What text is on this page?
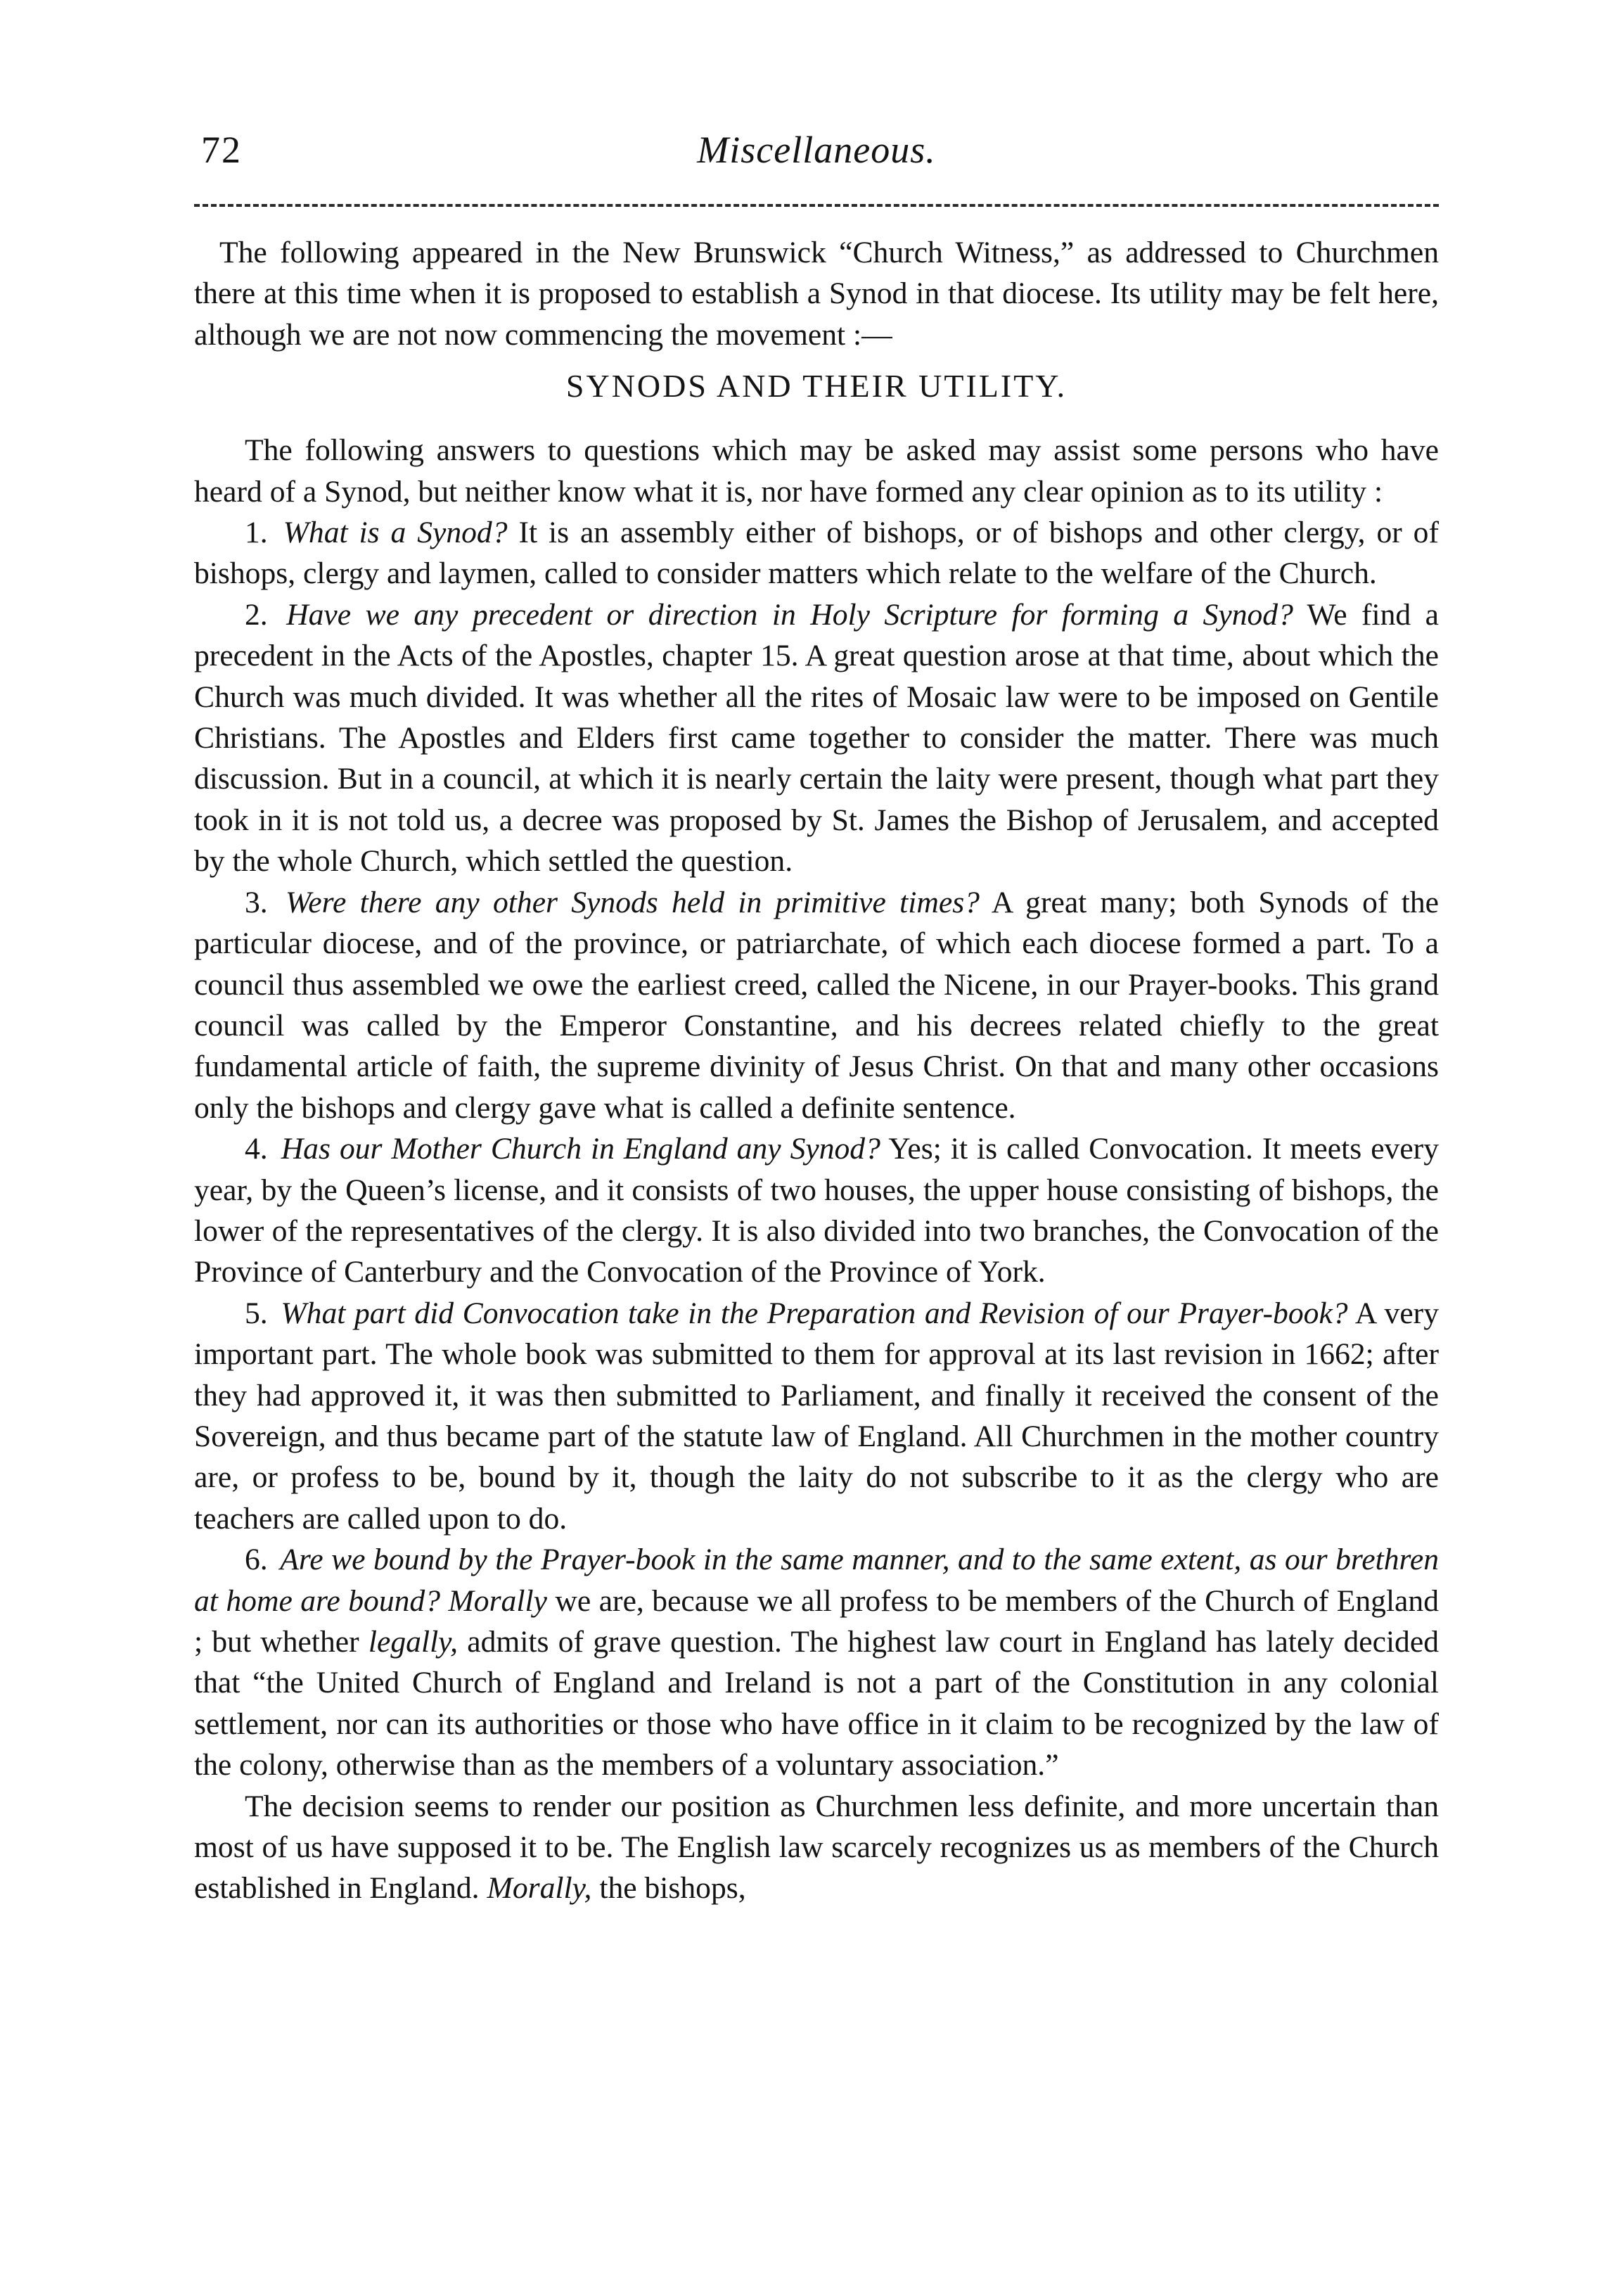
72	Miscellaneous.

The following appeared in the New Brunswick “Church Witness,” as addressed to Churchmen there at this time when it is proposed to establish a Synod in that diocese. Its utility may be felt here, although we are not now commencing the movement :—

SYNODS AND THEIR UTILITY.

The following answers to questions which may be asked may assist some persons who have heard of a Synod, but neither know what it is, nor have formed any clear opinion as to its utility :

1. What is a Synod? It is an assembly either of bishops, or of bishops and other clergy, or of bishops, clergy and laymen, called to consider matters which relate to the welfare of the Church.

2. Have we any precedent or direction in Holy Scripture for forming a Synod? We find a precedent in the Acts of the Apostles, chapter 15. A great question arose at that time, about which the Church was much divided. It was whether all the rites of Mosaic law were to be imposed on Gentile Christians. The Apostles and Elders first came together to consider the matter. There was much discussion. But in a council, at which it is nearly certain the laity were present, though what part they took in it is not told us, a decree was proposed by St. James the Bishop of Jerusalem, and accepted by the whole Church, which settled the question.

3. Were there any other Synods held in primitive times? A great many; both Synods of the particular diocese, and of the province, or patriarchate, of which each diocese formed a part. To a council thus assembled we owe the earliest creed, called the Nicene, in our Prayer-books. This grand council was called by the Emperor Constantine, and his decrees related chiefly to the great fundamental article of faith, the supreme divinity of Jesus Christ. On that and many other occasions only the bishops and clergy gave what is called a definite sentence.

4. Has our Mother Church in England any Synod? Yes; it is called Convocation. It meets every year, by the Queen’s license, and it consists of two houses, the upper house consisting of bishops, the lower of the representatives of the clergy. It is also divided into two branches, the Convocation of the Province of Canterbury and the Convocation of the Province of York.

5. What part did Convocation take in the Preparation and Revision of our Prayer-book? A very important part. The whole book was submitted to them for approval at its last revision in 1662; after they had approved it, it was then submitted to Parliament, and finally it received the consent of the Sovereign, and thus became part of the statute law of England. All Churchmen in the mother country are, or profess to be, bound by it, though the laity do not subscribe to it as the clergy who are teachers are called upon to do.

6. Are we bound by the Prayer-book in the same manner, and to the same extent, as our brethren at home are bound? Morally we are, because we all profess to be members of the Church of England ; but whether legally, admits of grave question. The highest law court in England has lately decided that “the United Church of England and Ireland is not a part of the Constitution in any colonial settlement, nor can its authorities or those who have office in it claim to be recognized by the law of the colony, otherwise than as the members of a voluntary association.”

The decision seems to render our position as Churchmen less definite, and more uncertain than most of us have supposed it to be. The English law scarcely recognizes us as members of the Church established in England. Morally, the bishops,
